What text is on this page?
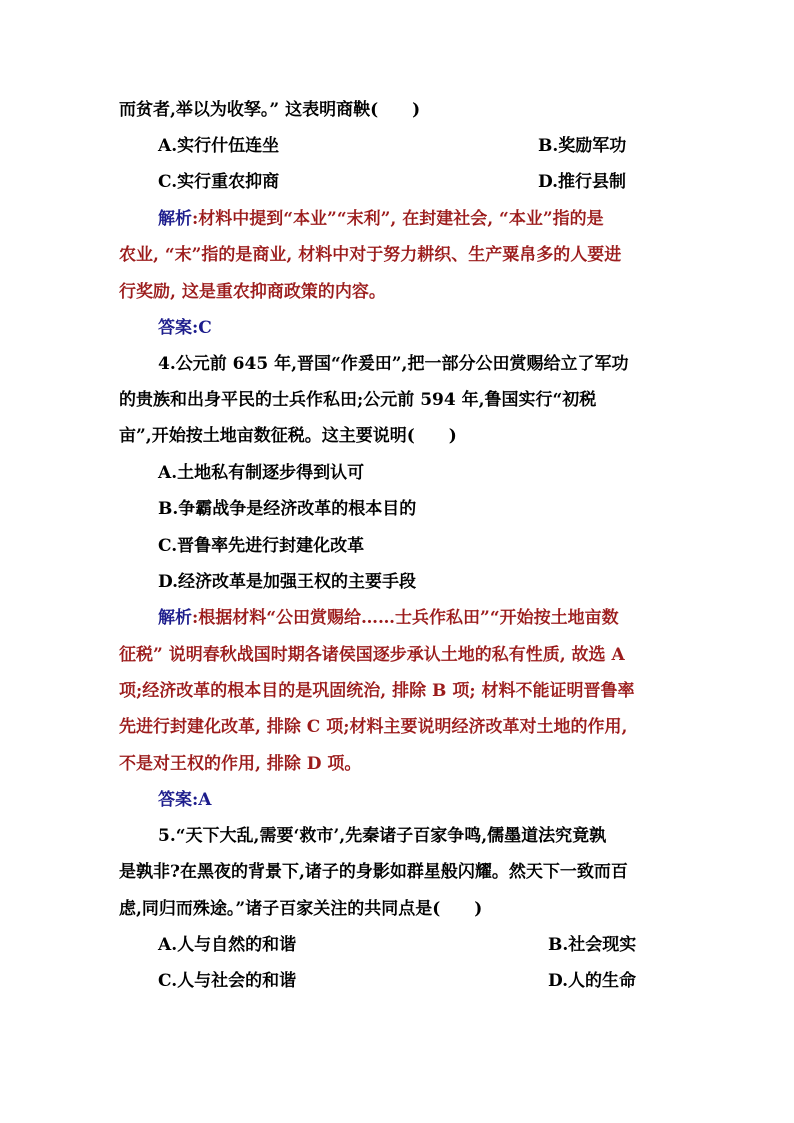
而贫者,举以为收孥。” 这表明商鞅(　　)
A.实行什伍连坐	B.奖励军功
C.实行重农抑商	D.推行县制
解析:材料中提到“本业”“末利”, 在封建社会, “本业”指的是
农业, “末”指的是商业, 材料中对于努力耕织、生产粟帛多的人要进
行奖励, 这是重农抑商政策的内容。
答案:C
4.公元前 645 年,晋国“作爰田”,把一部分公田赏赐给立了军功
的贵族和出身平民的士兵作私田;公元前 594 年,鲁国实行“初税
亩”,开始按土地亩数征税。这主要说明(　　)
A.土地私有制逐步得到认可
B.争霸战争是经济改革的根本目的
C.晋鲁率先进行封建化改革
D.经济改革是加强王权的主要手段
解析:根据材料“公田赏赐给……士兵作私田”“开始按土地亩数
征税” 说明春秋战国时期各诸侯国逐步承认土地的私有性质, 故选 A
项;经济改革的根本目的是巩固统治, 排除 B 项; 材料不能证明晋鲁率
先进行封建化改革, 排除 C 项;材料主要说明经济改革对土地的作用,
不是对王权的作用, 排除 D 项。
答案:A
5.“天下大乱,需要‘救市’,先秦诸子百家争鸣,儒墨道法究竟孰
是孰非?在黑夜的背景下,诸子的身影如群星般闪耀。然天下一致而百
虑,同归而殊途。”诸子百家关注的共同点是(　　)
A.人与自然的和谐	B.社会现实
C.人与社会的和谐	D.人的生命
